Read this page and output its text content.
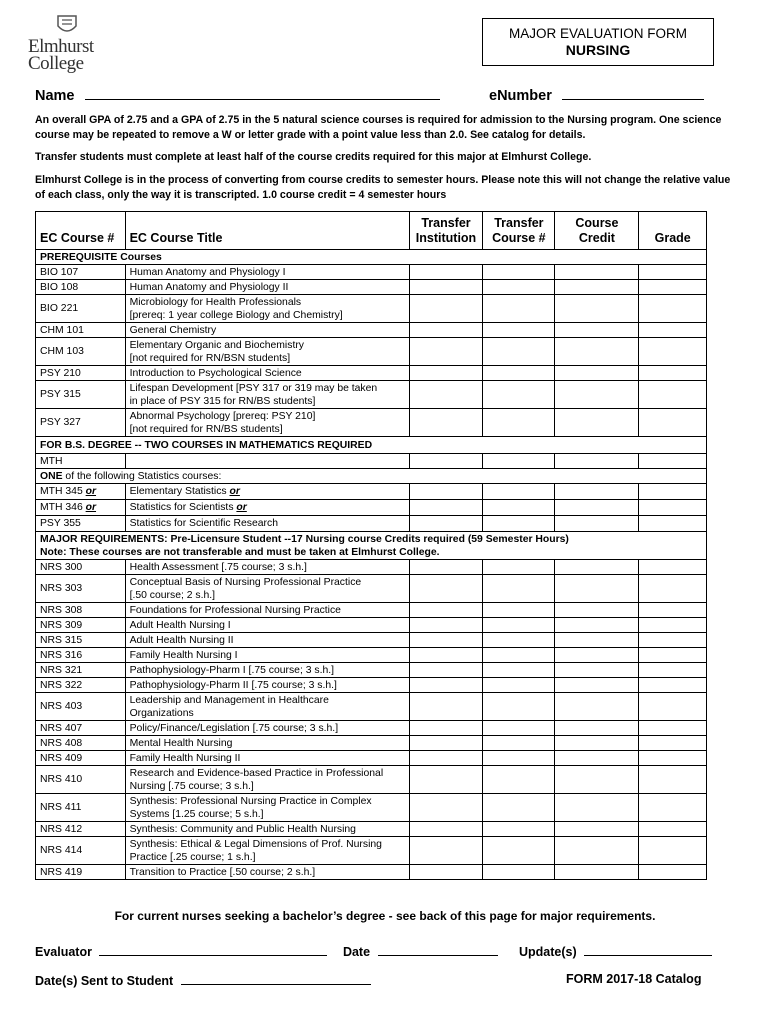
Elmhurst
College
MAJOR EVALUATION FORM
NURSING
Name	eNumber
An overall GPA of 2.75 and a GPA of 2.75 in the 5 natural science courses is required for admission to the Nursing program. One science course may be repeated to remove a W or letter grade with a point value less than 2.0. See catalog for details.
Transfer students must complete at least half of the course credits required for this major at Elmhurst College.
Elmhurst College is in the process of converting from course credits to semester hours. Please note this will not change the relative value of each class, only the way it is transcripted. 1.0 course credit = 4 semester hours
EC Course #	EC Course Title	Transfer Institution	Transfer Course #	Course Credit	Grade
PREREQUISITE Courses					
BIO 107	Human Anatomy and Physiology I				

BIO 108	Human Anatomy and Physiology II				

BIO 221	Microbiology for Health Professionals
[prereq: 1 year college Biology and Chemistry]				

CHM 101	General Chemistry				

CHM 103	Elementary Organic and Biochemistry
[not required for RN/BSN students]				

PSY 210	Introduction to Psychological Science				

PSY 315	Lifespan Development [PSY 317 or 319 may be taken
in place of PSY 315 for RN/BS students]				

PSY 327	Abnormal Psychology [prereq: PSY 210]
[not required for RN/BS students]				

FOR B.S. DEGREE -- TWO COURSES IN MATHEMATICS REQUIRED					
MTH					
ONE of the following Statistics courses:					
MTH 345 or	Elementary Statistics or				
MTH 346 or	Statistics for Scientists or				
PSY 355	Statistics for Scientific Research				

MAJOR REQUIREMENTS: Pre-Licensure Student --17 Nursing course Credits required (59 Semester Hours)
Note: These courses are not transferable and must be taken at Elmhurst College.					

NRS 300	Health Assessment [.75 course; 3 s.h.]				

NRS 303	Conceptual Basis of Nursing Professional Practice
[.50 course; 2 s.h.]				

NRS 308	Foundations for Professional Nursing Practice				

NRS 309	Adult Health Nursing I				

NRS 315	Adult Health Nursing II				

NRS 316	Family Health Nursing I				

NRS 321	Pathophysiology-Pharm I [.75 course; 3 s.h.]				

NRS 322	Pathophysiology-Pharm II [.75 course; 3 s.h.]				

NRS 403	Leadership and Management in Healthcare
Organizations				

NRS 407	Policy/Finance/Legislation [.75 course; 3 s.h.]				

NRS 408	Mental Health Nursing				

NRS 409	Family Health Nursing II				

NRS 410	Research and Evidence-based Practice in Professional
Nursing [.75 course; 3 s.h.]				

NRS 411	Synthesis: Professional Nursing Practice in Complex
Systems [1.25 course; 5 s.h.]				

NRS 412	Synthesis: Community and Public Health Nursing				

NRS 414	Synthesis: Ethical & Legal Dimensions of Prof. Nursing
Practice [.25 course; 1 s.h.]				

NRS 419	Transition to Practice [.50 course; 2 s.h.]				

For current nurses seeking a bachelor’s degree - see back of this page for major requirements.
Evaluator	Date	Update(s)
Date(s) Sent to Student	FORM 2017-18 Catalog
